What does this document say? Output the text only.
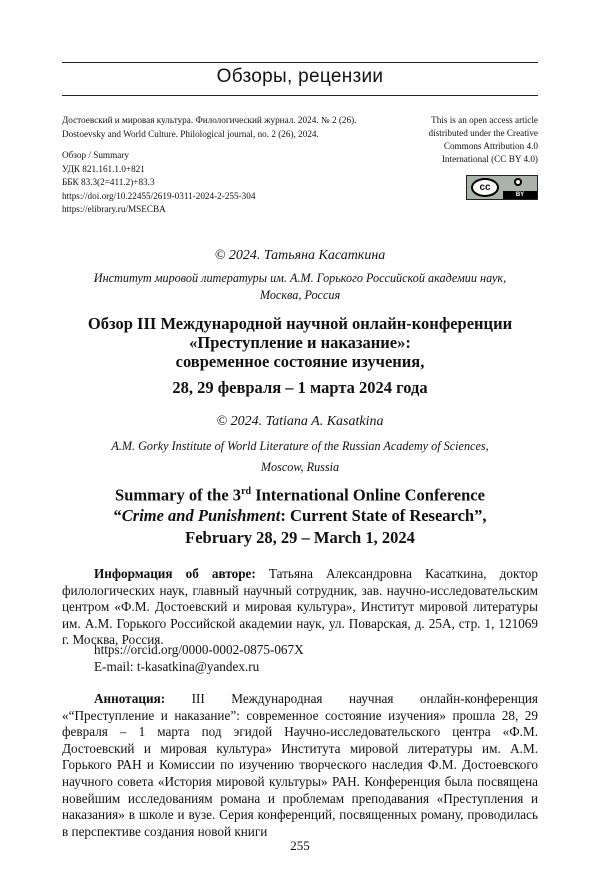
Обзоры, рецензии
Достоевский и мировая культура. Филологический журнал. 2024. № 2 (26).
Dostoevsky and World Culture. Philological journal, no. 2 (26), 2024.
Обзор / Summary
УДК 821.161.1.0+821
ББК 83.3(2=411.2)+83.3
https://doi.org/10.22455/2619-0311-2024-2-255-304
https://elibrary.ru/MSECBA
This is an open access article
distributed under the Creative
Commons Attribution 4.0
International (CC BY 4.0)
cc
BY
© 2024. Татьяна Касаткина
Институт мировой литературы им. А.М. Горького Российской академии наук,
Москва, Россия
Обзор III Международной научной онлайн-конференции
«Преступление и наказание»:
современное состояние изучения,
28, 29 февраля – 1 марта 2024 года
© 2024. Tatiana A. Kasatkina
A.M. Gorky Institute of World Literature of the Russian Academy of Sciences,
Moscow, Russia
Summary of the 3rd International Online Conference
“Crime and Punishment: Current State of Research”,
February 28, 29 – March 1, 2024
Информация об авторе: Татьяна Александровна Касаткина, доктор филологических наук, главный научный сотрудник, зав. научно-исследовательским центром «Ф.М. Достоевский и мировая культура», Институт мировой литературы им. А.М. Горького Российской академии наук, ул. Поварская, д. 25А, стр. 1, 121069 г. Москва, Россия.
https://orcid.org/0000-0002-0875-067X
E-mail: t-kasatkina@yandex.ru
Аннотация: III Международная научная онлайн-конференция «“Преступление и наказание”: современное состояние изучения» прошла 28, 29 февраля – 1 марта под эгидой Научно-исследовательского центра «Ф.М. Достоевский и мировая культура» Института мировой литературы им. А.М. Горького РАН и Комиссии по изучению творческого наследия Ф.М. Достоевского научного совета «История мировой культуры» РАН. Конференция была посвящена новейшим исследованиям романа и проблемам преподавания «Преступления и наказания» в школе и вузе. Серия конференций, посвященных роману, проводилась в перспективе создания новой книги
255
